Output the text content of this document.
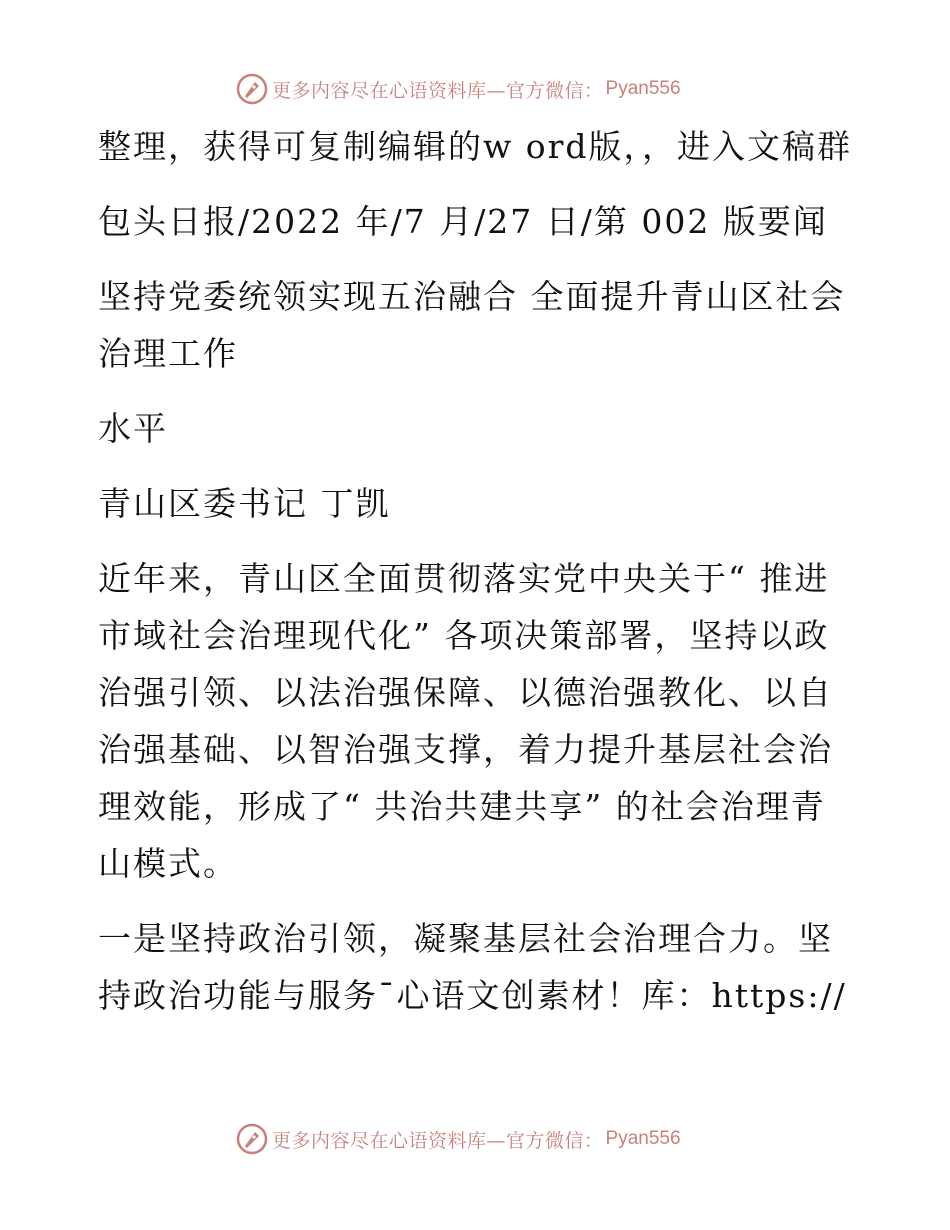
更多内容尽在心语资料库—官方微信： Pyan556

整理，获得可复制编辑的w ord版，，进入文稿群

包头日报/2022 年/7 月/27 日/第 002 版要闻

坚持党委统领实现五治融合 全面提升青山区社会治理工作

水平

青山区委书记 丁凯

近年来，青山区全面贯彻落实党中央关于“ 推进市域社会治理现代化” 各项决策部署，坚持以政治强引领、以法治强保障、以德治强教化、以自治强基础、以智治强支撑，着力提升基层社会治理效能，形成了“ 共治共建共享” 的社会治理青山模式。

一是坚持政治引领，凝聚基层社会治理合力。坚持政治功能与服务¯心语文创素材！库：https://

更多内容尽在心语资料库—官方微信： Pyan556
